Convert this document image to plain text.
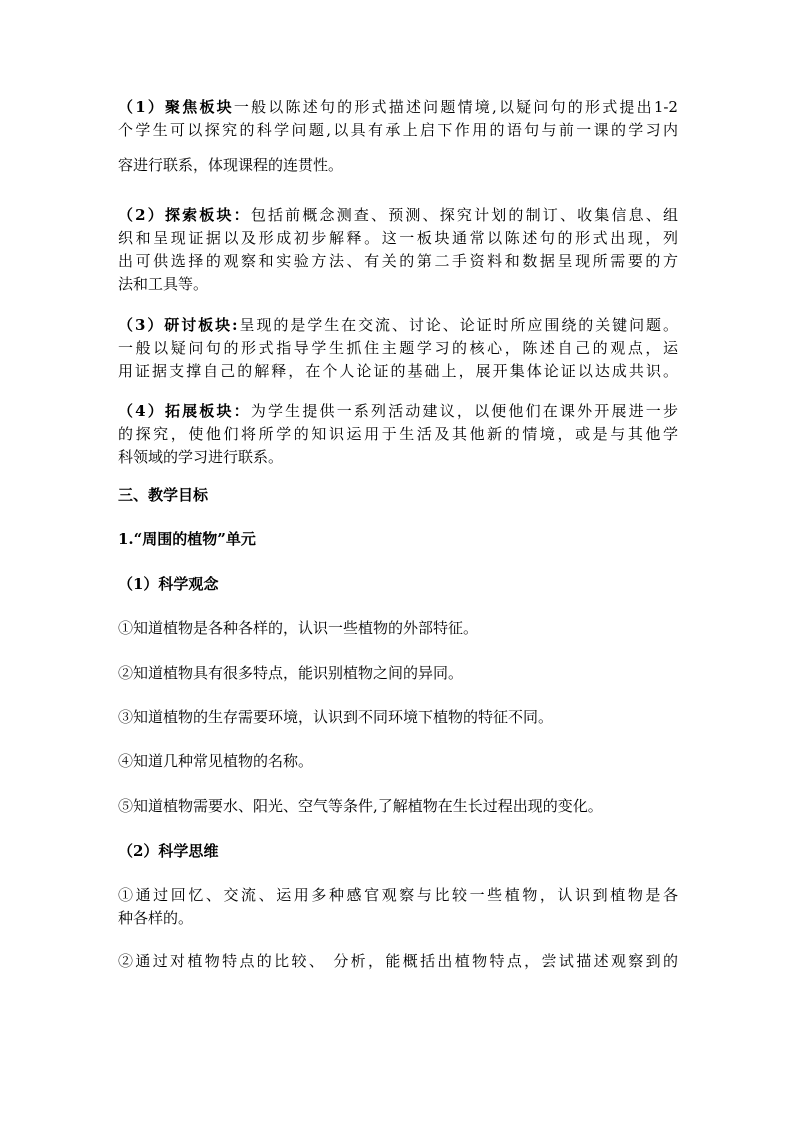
（1）聚焦板块一般以陈述句的形式描述问题情境,以疑问句的形式提出1-2
个学生可以探究的科学问题,以具有承上启下作用的语句与前一课的学习内
容进行联系，体现课程的连贯性。
（2）探索板块：包括前概念测查、预测、探究计划的制订、收集信息、组
织和呈现证据以及形成初步解释。这一板块通常以陈述句的形式出现，列
出可供选择的观察和实验方法、有关的第二手资料和数据呈现所需要的方
法和工具等。
（3）研讨板块:呈现的是学生在交流、讨论、论证时所应围绕的关键问题。
一般以疑问句的形式指导学生抓住主题学习的核心，陈述自己的观点，运
用证据支撑自己的解释，在个人论证的基础上，展开集体论证以达成共识。
（4）拓展板块：为学生提供一系列活动建议，以便他们在课外开展进一步
的探究，使他们将所学的知识运用于生活及其他新的情境，或是与其他学
科领域的学习进行联系。
三、教学目标
1.“周围的植物”单元
（1）科学观念
①知道植物是各种各样的，认识一些植物的外部特征。
②知道植物具有很多特点，能识别植物之间的异同。
③知道植物的生存需要环境，认识到不同环境下植物的特征不同。
④知道几种常见植物的名称。
⑤知道植物需要水、阳光、空气等条件,了解植物在生长过程出现的变化。
（2）科学思维
①通过回忆、交流、运用多种感官观察与比较一些植物，认识到植物是各
种各样的。
②通过对植物特点的比较、 分析，能概括出植物特点，尝试描述观察到的
